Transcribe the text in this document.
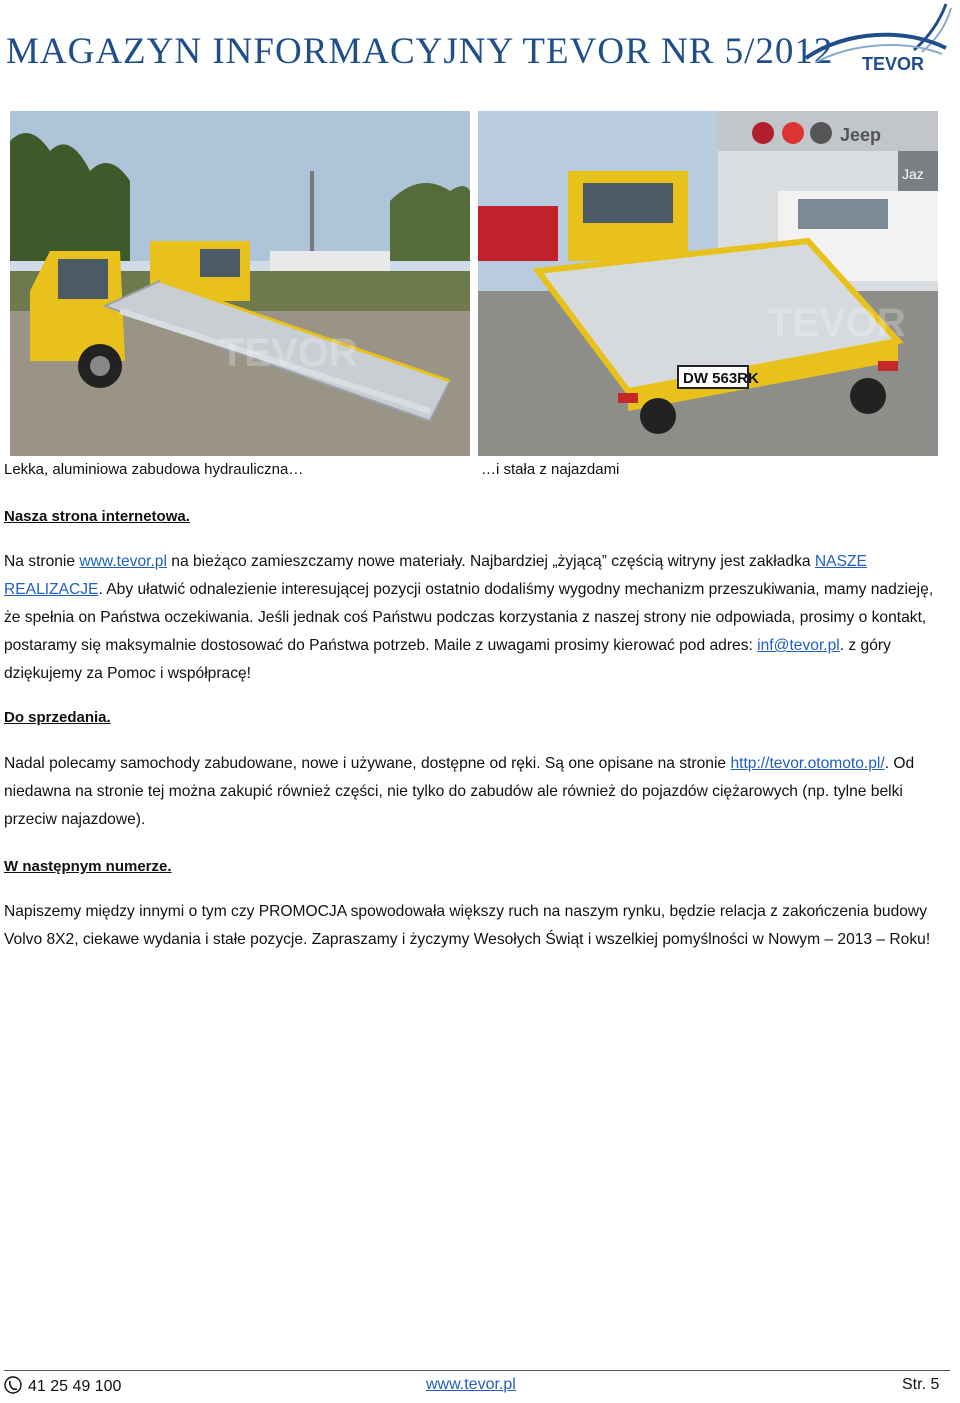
MAGAZYN INFORMACYJNY TEVOR NR 5/2012 TEVOR
TEVOR
Jeep
Jaz
DW 563RK
TEVOR
Lekka, aluminiowa zabudowa hydrauliczna…	…i stała z najazdami
Nasza strona internetowa.

Na stronie www.tevor.pl na bieżąco zamieszczamy nowe materiały. Najbardziej „żyjącą” częścią witryny jest zakładka NASZE REALIZACJE. Aby ułatwić odnalezienie interesującej pozycji ostatnio dodaliśmy wygodny mechanizm przeszukiwania, mamy nadzieję, że spełnia on Państwa oczekiwania. Jeśli jednak coś Państwu podczas korzystania z naszej strony nie odpowiada, prosimy o kontakt, postaramy się maksymalnie dostosować do Państwa potrzeb. Maile z uwagami prosimy kierować pod adres: inf@tevor.pl. z góry dziękujemy za Pomoc i współpracę!

Do sprzedania.

Nadal polecamy samochody zabudowane, nowe i używane, dostępne od ręki. Są one opisane na stronie http://tevor.otomoto.pl/. Od niedawna na stronie tej można zakupić również części, nie tylko do zabudów ale również do pojazdów ciężarowych (np. tylne belki przeciw najazdowe).

W następnym numerze.

Napiszemy między innymi o tym czy PROMOCJA spowodowała większy ruch na naszym rynku, będzie relacja z zakończenia budowy Volvo 8X2, ciekawe wydania i stałe pozycje. Zapraszamy i życzymy Wesołych Świąt i wszelkiej pomyślności w Nowym – 2013 – Roku!

41 25 49 100	www.tevor.pl	Str. 5
